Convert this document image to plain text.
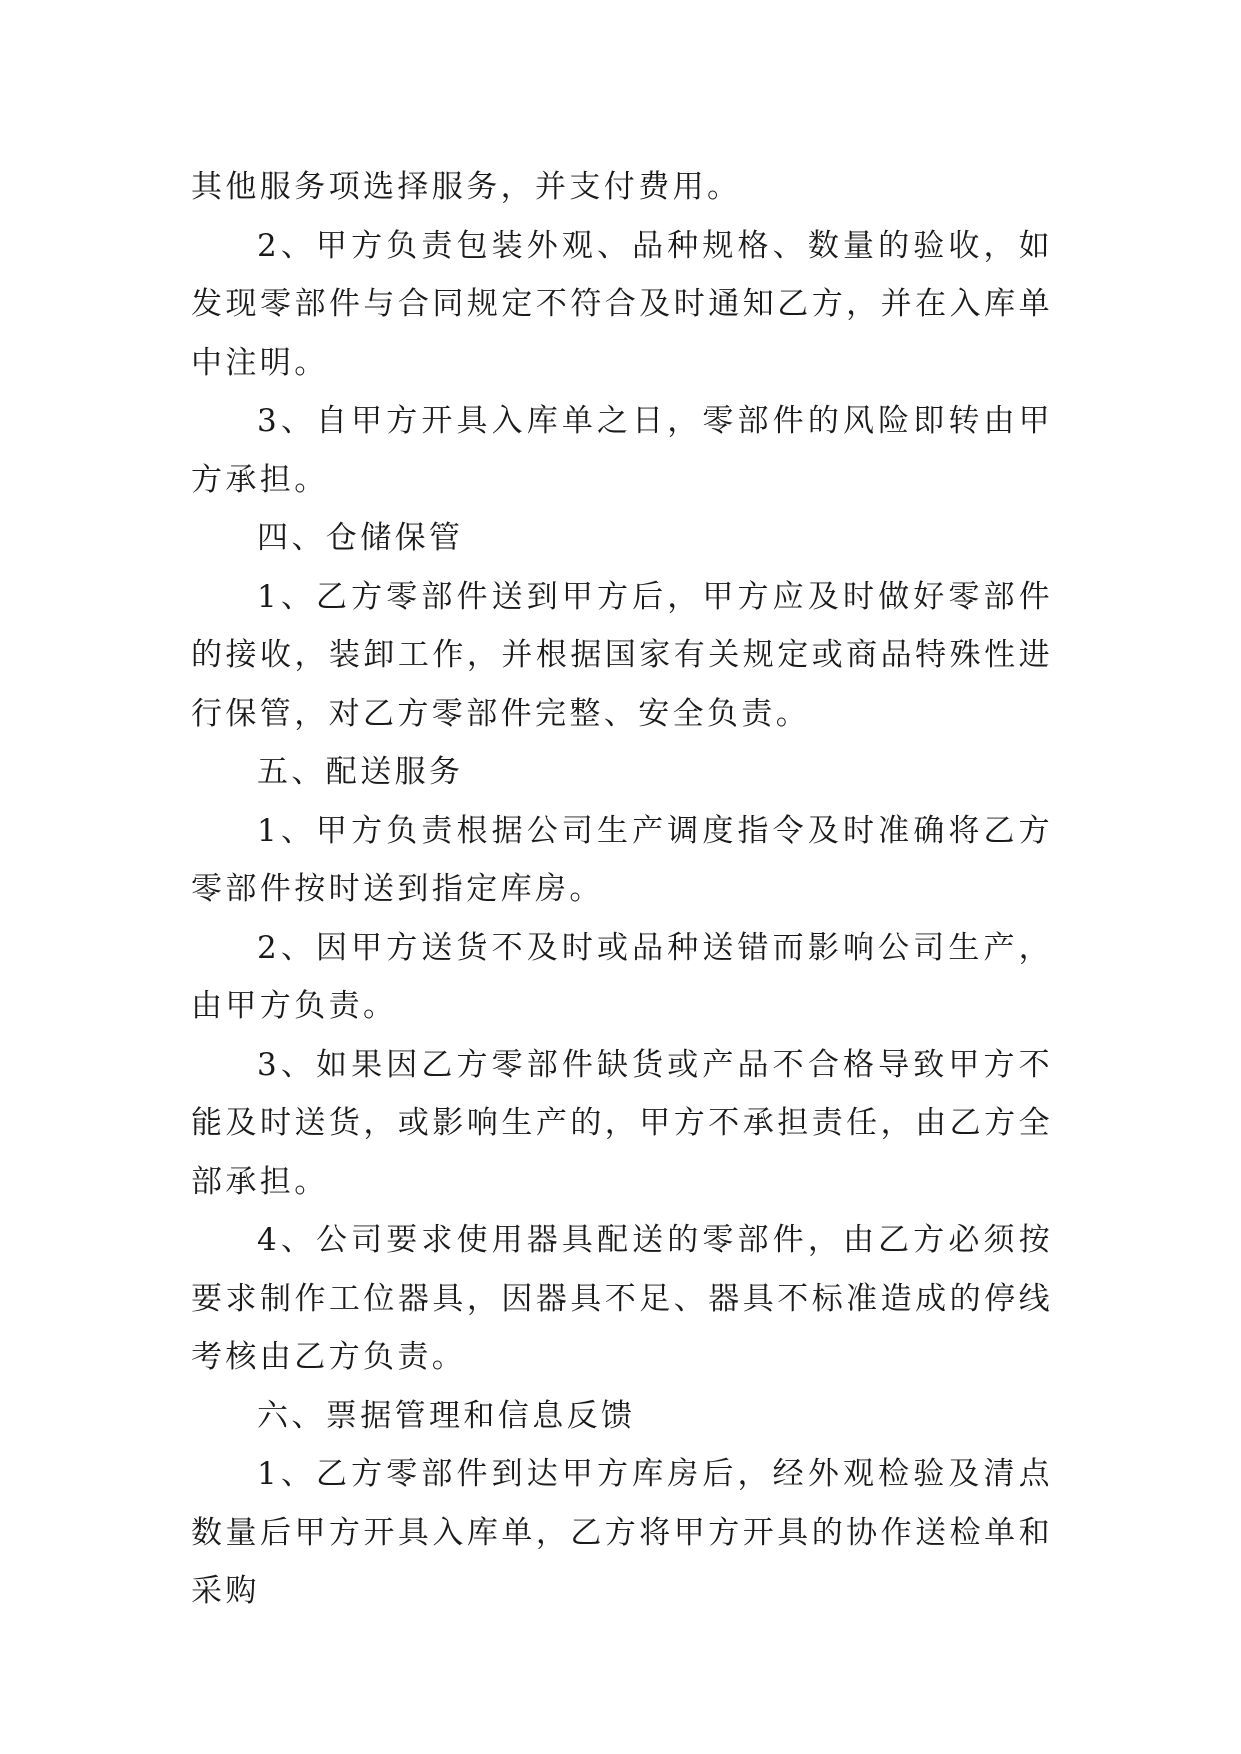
其他服务项选择服务，并支付费用。

2、甲方负责包装外观、品种规格、数量的验收，如发现零部件与合同规定不符合及时通知乙方，并在入库单中注明。

3、自甲方开具入库单之日，零部件的风险即转由甲方承担。

四、仓储保管

1、乙方零部件送到甲方后，甲方应及时做好零部件的接收，装卸工作，并根据国家有关规定或商品特殊性进行保管，对乙方零部件完整、安全负责。

五、配送服务

1、甲方负责根据公司生产调度指令及时准确将乙方零部件按时送到指定库房。

2、因甲方送货不及时或品种送错而影响公司生产，由甲方负责。

3、如果因乙方零部件缺货或产品不合格导致甲方不能及时送货，或影响生产的，甲方不承担责任，由乙方全部承担。

4、公司要求使用器具配送的零部件，由乙方必须按要求制作工位器具，因器具不足、器具不标准造成的停线考核由乙方负责。

六、票据管理和信息反馈

1、乙方零部件到达甲方库房后，经外观检验及清点数量后甲方开具入库单，乙方将甲方开具的协作送检单和采购
